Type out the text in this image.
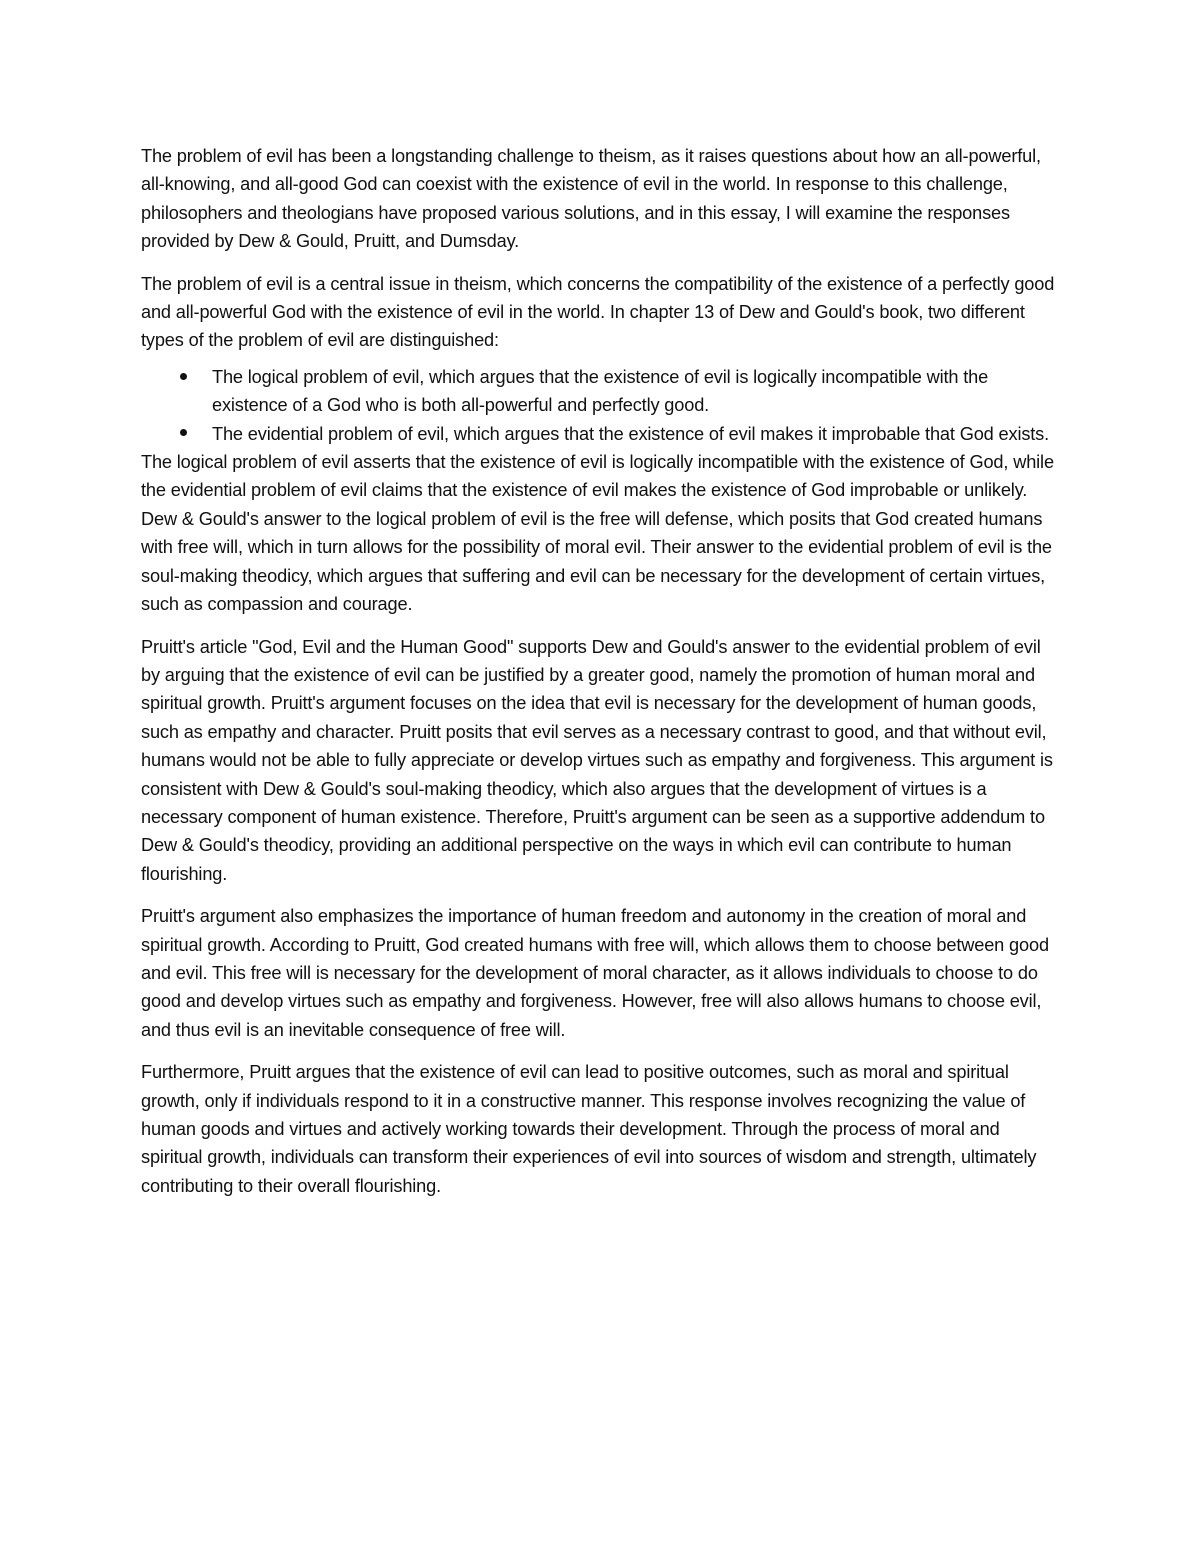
The problem of evil has been a longstanding challenge to theism, as it raises questions about how an all-powerful, all-knowing, and all-good God can coexist with the existence of evil in the world. In response to this challenge, philosophers and theologians have proposed various solutions, and in this essay, I will examine the responses provided by Dew & Gould, Pruitt, and Dumsday.

The problem of evil is a central issue in theism, which concerns the compatibility of the existence of a perfectly good and all-powerful God with the existence of evil in the world. In chapter 13 of Dew and Gould's book, two different types of the problem of evil are distinguished:

The logical problem of evil, which argues that the existence of evil is logically incompatible with the existence of a God who is both all-powerful and perfectly good.
The evidential problem of evil, which argues that the existence of evil makes it improbable that God exists.

The logical problem of evil asserts that the existence of evil is logically incompatible with the existence of God, while the evidential problem of evil claims that the existence of evil makes the existence of God improbable or unlikely. Dew & Gould's answer to the logical problem of evil is the free will defense, which posits that God created humans with free will, which in turn allows for the possibility of moral evil. Their answer to the evidential problem of evil is the soul-making theodicy, which argues that suffering and evil can be necessary for the development of certain virtues, such as compassion and courage.

Pruitt's article "God, Evil and the Human Good" supports Dew and Gould's answer to the evidential problem of evil by arguing that the existence of evil can be justified by a greater good, namely the promotion of human moral and spiritual growth. Pruitt's argument focuses on the idea that evil is necessary for the development of human goods, such as empathy and character. Pruitt posits that evil serves as a necessary contrast to good, and that without evil, humans would not be able to fully appreciate or develop virtues such as empathy and forgiveness. This argument is consistent with Dew & Gould's soul-making theodicy, which also argues that the development of virtues is a necessary component of human existence. Therefore, Pruitt's argument can be seen as a supportive addendum to Dew & Gould's theodicy, providing an additional perspective on the ways in which evil can contribute to human flourishing.

Pruitt's argument also emphasizes the importance of human freedom and autonomy in the creation of moral and spiritual growth. According to Pruitt, God created humans with free will, which allows them to choose between good and evil. This free will is necessary for the development of moral character, as it allows individuals to choose to do good and develop virtues such as empathy and forgiveness. However, free will also allows humans to choose evil, and thus evil is an inevitable consequence of free will.

Furthermore, Pruitt argues that the existence of evil can lead to positive outcomes, such as moral and spiritual growth, only if individuals respond to it in a constructive manner. This response involves recognizing the value of human goods and virtues and actively working towards their development. Through the process of moral and spiritual growth, individuals can transform their experiences of evil into sources of wisdom and strength, ultimately contributing to their overall flourishing.
